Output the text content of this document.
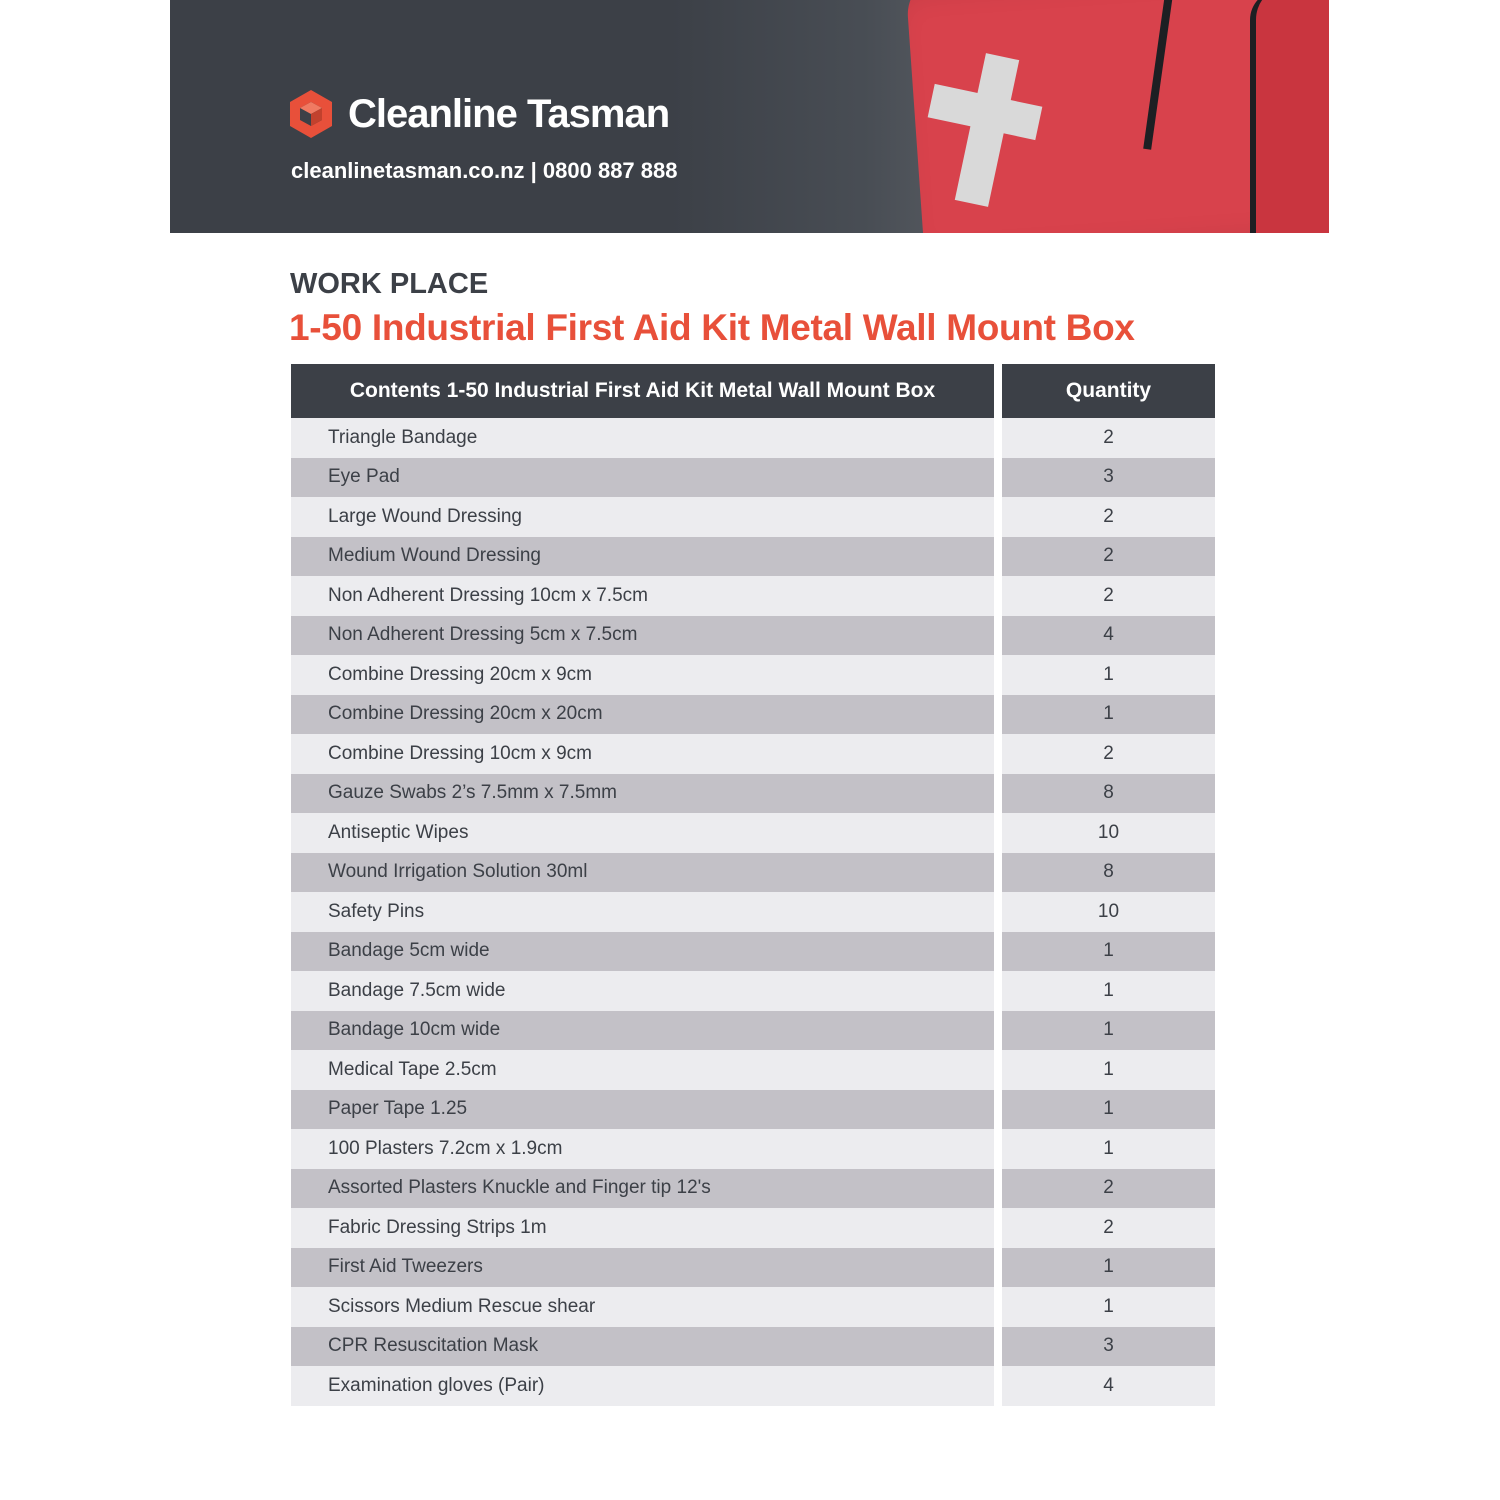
Cleanline Tasman
cleanlinetasman.co.nz | 0800 887 888
WORK PLACE
1-50 Industrial First Aid Kit Metal Wall Mount Box
Contents 1-50 Industrial First Aid Kit Metal Wall Mount Box	Quantity
Triangle Bandage	2
Eye Pad	3
Large Wound Dressing	2
Medium Wound Dressing	2
Non Adherent Dressing 10cm x 7.5cm	2
Non Adherent Dressing 5cm x 7.5cm	4
Combine Dressing 20cm x 9cm	1
Combine Dressing 20cm x 20cm	1
Combine Dressing 10cm x 9cm	2
Gauze Swabs 2’s 7.5mm x 7.5mm	8
Antiseptic Wipes	10
Wound Irrigation Solution 30ml	8
Safety Pins	10
Bandage 5cm wide	1
Bandage 7.5cm wide	1
Bandage 10cm wide	1
Medical Tape 2.5cm	1
Paper Tape 1.25	1
100 Plasters 7.2cm x 1.9cm	1
Assorted Plasters Knuckle and Finger tip 12's	2
Fabric Dressing Strips 1m	2
First Aid Tweezers	1
Scissors Medium Rescue shear	1
CPR Resuscitation Mask	3
Examination gloves (Pair)	4
